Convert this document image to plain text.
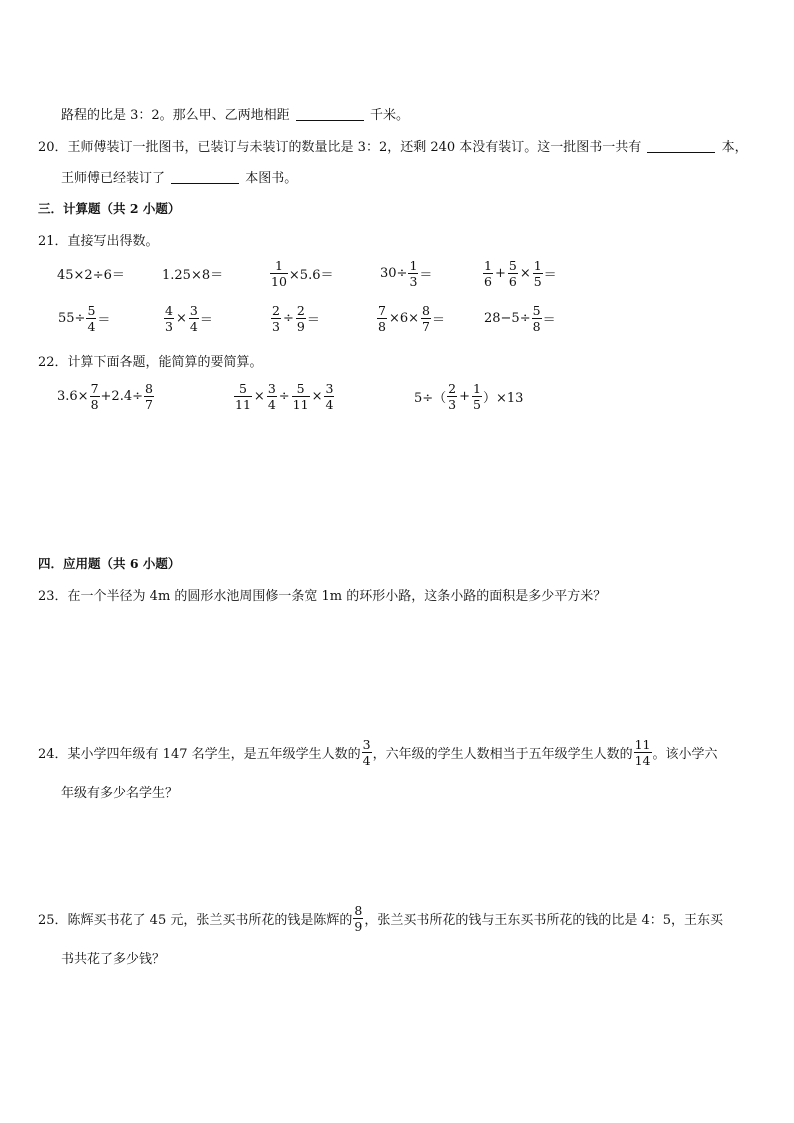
路程的比是 3：2。那么甲、乙两地相距	千米。
20．王师傅装订一批图书，已装订与未装订的数量比是 3：2，还剩 240 本没有装订。这一批图书一共有	本，
王师傅已经装订了	本图书。
三．计算题（共 2 小题）
21．直接写出得数。
45×2÷6＝	1.25×8＝	$\frac{1}{10} \times 5.6=$	$30\div \frac{1}{3}$ ＝	$\frac{1}{6} + \frac{5}{6} \times \frac{1}{5}$ ＝
$55\div \frac{5}{4}$ ＝	$\frac{4}{3} \times \frac{3}{4}$ ＝	$\frac{2}{3} \div \frac{2}{9}$ ＝	$\frac{7}{8} \times 6\times \frac{8}{7}$ ＝	$28-5\div \frac{5}{8}$ ＝
22．计算下面各题，能简算的要简算。
$3.6\times \frac{7}{8} +2.4\div \frac{8}{7}$	$\frac{5}{11} \times \frac{3}{4} \div \frac{5}{11} \times \frac{3}{4}$	$5\div( \frac{2}{3} + \frac{1}{5} )\times 13$
四．应用题（共 6 小题）
23．在一个半径为 4m 的圆形水池周围修一条宽 1m 的环形小路，这条小路的面积是多少平方米？
24．某小学四年级有 147 名学生，是五年级学生人数的 $\frac{3}{4}$ ，六年级的学生人数相当于五年级学生人数的 $\frac{11}{14}$ 。该小学六
年级有多少名学生？
25．陈辉买书花了 45 元，张兰买书所花的钱是陈辉的 $\frac{8}{9}$ ，张兰买书所花的钱与王东买书所花的钱的比是 4：5，王东买
书共花了多少钱？
